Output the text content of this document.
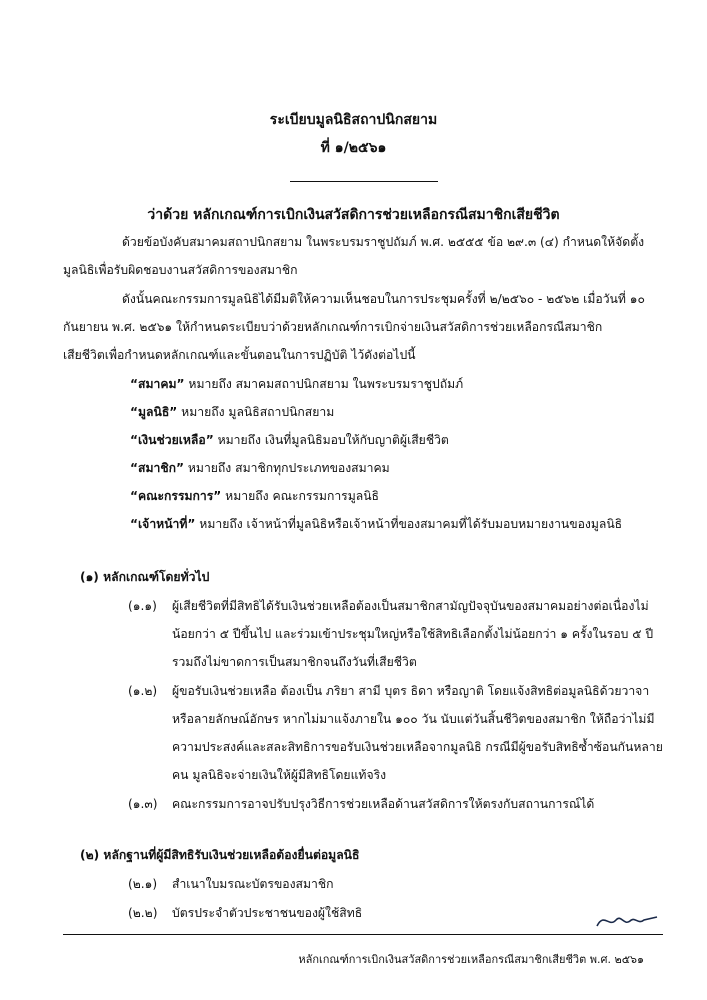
ระเบียบมูลนิธิสถาปนิกสยาม
ที่ ๑/๒๕๖๑
ว่าด้วย หลักเกณฑ์การเบิกเงินสวัสดิการช่วยเหลือกรณีสมาชิกเสียชีวิต
ด้วยข้อบังคับสมาคมสถาปนิกสยาม ในพระบรมราชูปถัมภ์ พ.ศ. ๒๕๕๕ ข้อ ๒๙.๓ (๔) กำหนดให้จัดตั้ง
มูลนิธิเพื่อรับผิดชอบงานสวัสดิการของสมาชิก
ดังนั้นคณะกรรมการมูลนิธิได้มีมติให้ความเห็นชอบในการประชุมครั้งที่ ๒/๒๕๖๐ - ๒๕๖๒ เมื่อวันที่ ๑๐
กันยายน พ.ศ. ๒๕๖๑ ให้กำหนดระเบียบว่าด้วยหลักเกณฑ์การเบิกจ่ายเงินสวัสดิการช่วยเหลือกรณีสมาชิก
เสียชีวิตเพื่อกำหนดหลักเกณฑ์และขั้นตอนในการปฏิบัติ ไว้ดังต่อไปนี้
“สมาคม” หมายถึง สมาคมสถาปนิกสยาม ในพระบรมราชูปถัมภ์
“มูลนิธิ” หมายถึง มูลนิธิสถาปนิกสยาม
“เงินช่วยเหลือ” หมายถึง เงินที่มูลนิธิมอบให้กับญาติผู้เสียชีวิต
“สมาชิก” หมายถึง สมาชิกทุกประเภทของสมาคม
“คณะกรรมการ” หมายถึง คณะกรรมการมูลนิธิ
“เจ้าหน้าที่” หมายถึง เจ้าหน้าที่มูลนิธิหรือเจ้าหน้าที่ของสมาคมที่ได้รับมอบหมายงานของมูลนิธิ
(๑) หลักเกณฑ์โดยทั่วไป
(๑.๑) ผู้เสียชีวิตที่มีสิทธิได้รับเงินช่วยเหลือต้องเป็นสมาชิกสามัญปัจจุบันของสมาคมอย่างต่อเนื่องไม่
น้อยกว่า ๕ ปีขึ้นไป และร่วมเข้าประชุมใหญ่หรือใช้สิทธิเลือกตั้งไม่น้อยกว่า ๑ ครั้งในรอบ ๕ ปี
รวมถึงไม่ขาดการเป็นสมาชิกจนถึงวันที่เสียชีวิต
(๑.๒) ผู้ขอรับเงินช่วยเหลือ ต้องเป็น ภริยา สามี บุตร ธิดา หรือญาติ โดยแจ้งสิทธิต่อมูลนิธิด้วยวาจา
หรือลายลักษณ์อักษร หากไม่มาแจ้งภายใน ๑๐๐ วัน นับแต่วันสิ้นชีวิตของสมาชิก ให้ถือว่าไม่มี
ความประสงค์และสละสิทธิการขอรับเงินช่วยเหลือจากมูลนิธิ กรณีมีผู้ขอรับสิทธิซ้ำซ้อนกันหลาย
คน มูลนิธิจะจ่ายเงินให้ผู้มีสิทธิโดยแท้จริง
(๑.๓) คณะกรรมการอาจปรับปรุงวิธีการช่วยเหลือด้านสวัสดิการให้ตรงกับสถานการณ์ได้
(๒) หลักฐานที่ผู้มีสิทธิรับเงินช่วยเหลือต้องยื่นต่อมูลนิธิ
(๒.๑) สำเนาใบมรณะบัตรของสมาชิก
(๒.๒) บัตรประจำตัวประชาชนของผู้ใช้สิทธิ
หลักเกณฑ์การเบิกเงินสวัสดิการช่วยเหลือกรณีสมาชิกเสียชีวิต พ.ศ. ๒๕๖๑
